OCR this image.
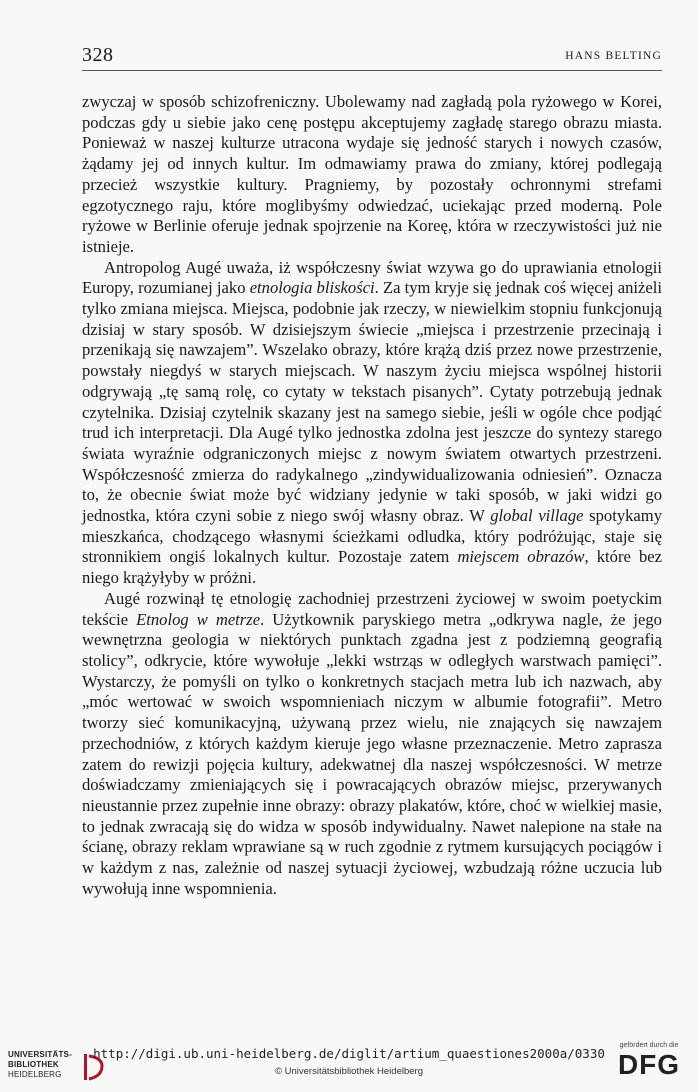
328	HANS BELTING

zwyczaj w sposób schizofreniczny. Ubolewamy nad zagładą pola ryżowego w Korei, podczas gdy u siebie jako cenę postępu akceptujemy zagładę starego obrazu miasta. Ponieważ w naszej kulturze utracona wydaje się jedność starych i nowych czasów, żądamy jej od innych kultur. Im odmawiamy prawa do zmiany, której podlegają przecież wszystkie kultury. Pragniemy, by pozostały ochronnymi strefami egzotycznego raju, które moglibyśmy odwiedzać, uciekając przed moderną. Pole ryżowe w Berlinie oferuje jednak spojrzenie na Koreę, która w rzeczywistości już nie istnieje.

Antropolog Augé uważa, iż współczesny świat wzywa go do uprawiania etnologii Europy, rozumianej jako etnologia bliskości. Za tym kryje się jednak coś więcej aniżeli tylko zmiana miejsca. Miejsca, podobnie jak rzeczy, w niewielkim stopniu funkcjonują dzisiaj w stary sposób. W dzisiejszym świecie „miejsca i przestrzenie przecinają i przenikają się nawzajem”. Wszelako obrazy, które krążą dziś przez nowe przestrzenie, powstały niegdyś w starych miejscach. W naszym życiu miejsca wspólnej historii odgrywają „tę samą rolę, co cytaty w tekstach pisanych”. Cytaty potrzebują jednak czytelnika. Dzisiaj czytelnik skazany jest na samego siebie, jeśli w ogóle chce podjąć trud ich interpretacji. Dla Augé tylko jednostka zdolna jest jeszcze do syntezy starego świata wyraźnie odgraniczonych miejsc z nowym światem otwartych przestrzeni. Współczesność zmierza do radykalnego „zindywidualizowania odniesień”. Oznacza to, że obecnie świat może być widziany jedynie w taki sposób, w jaki widzi go jednostka, która czyni sobie z niego swój własny obraz. W global village spotykamy mieszkańca, chodzącego własnymi ścieżkami odludka, który podróżując, staje się stronnikiem ongiś lokalnych kultur. Pozostaje zatem miejscem obrazów, które bez niego krążyłyby w próżni.

Augé rozwinął tę etnologię zachodniej przestrzeni życiowej w swoim poetyckim tekście Etnolog w metrze. Użytkownik paryskiego metra „odkrywa nagle, że jego wewnętrzna geologia w niektórych punktach zgadna jest z podziemną geografią stolicy”, odkrycie, które wywołuje „lekki wstrząs w odległych warstwach pamięci”. Wystarczy, że pomyśli on tylko o konkretnych stacjach metra lub ich nazwach, aby „móc wertować w swoich wspomnieniach niczym w albumie fotografii”. Metro tworzy sieć komunikacyjną, używaną przez wielu, nie znających się nawzajem przechodniów, z których każdym kieruje jego własne przeznaczenie. Metro zaprasza zatem do rewizji pojęcia kultury, adekwatnej dla naszej współczesności. W metrze doświadczamy zmieniających się i powracających obrazów miejsc, przerywanych nieustannie przez zupełnie inne obrazy: obrazy plakatów, które, choć w wielkiej masie, to jednak zwracają się do widza w sposób indywidualny. Nawet nalepione na stałe na ścianę, obrazy reklam wprawiane są w ruch zgodnie z rytmem kursujących pociągów i w każdym z nas, zależnie od naszej sytuacji życiowej, wzbudzają różne uczucia lub wywołują inne wspomnienia.

UNIVERSITÄTS-
BIBLIOTHEK
HEIDELBERG
http://digi.ub.uni-heidelberg.de/diglit/artium_quaestiones2000a/0330
© Universitätsbibliothek Heidelberg
gefördert durch die
DFG
